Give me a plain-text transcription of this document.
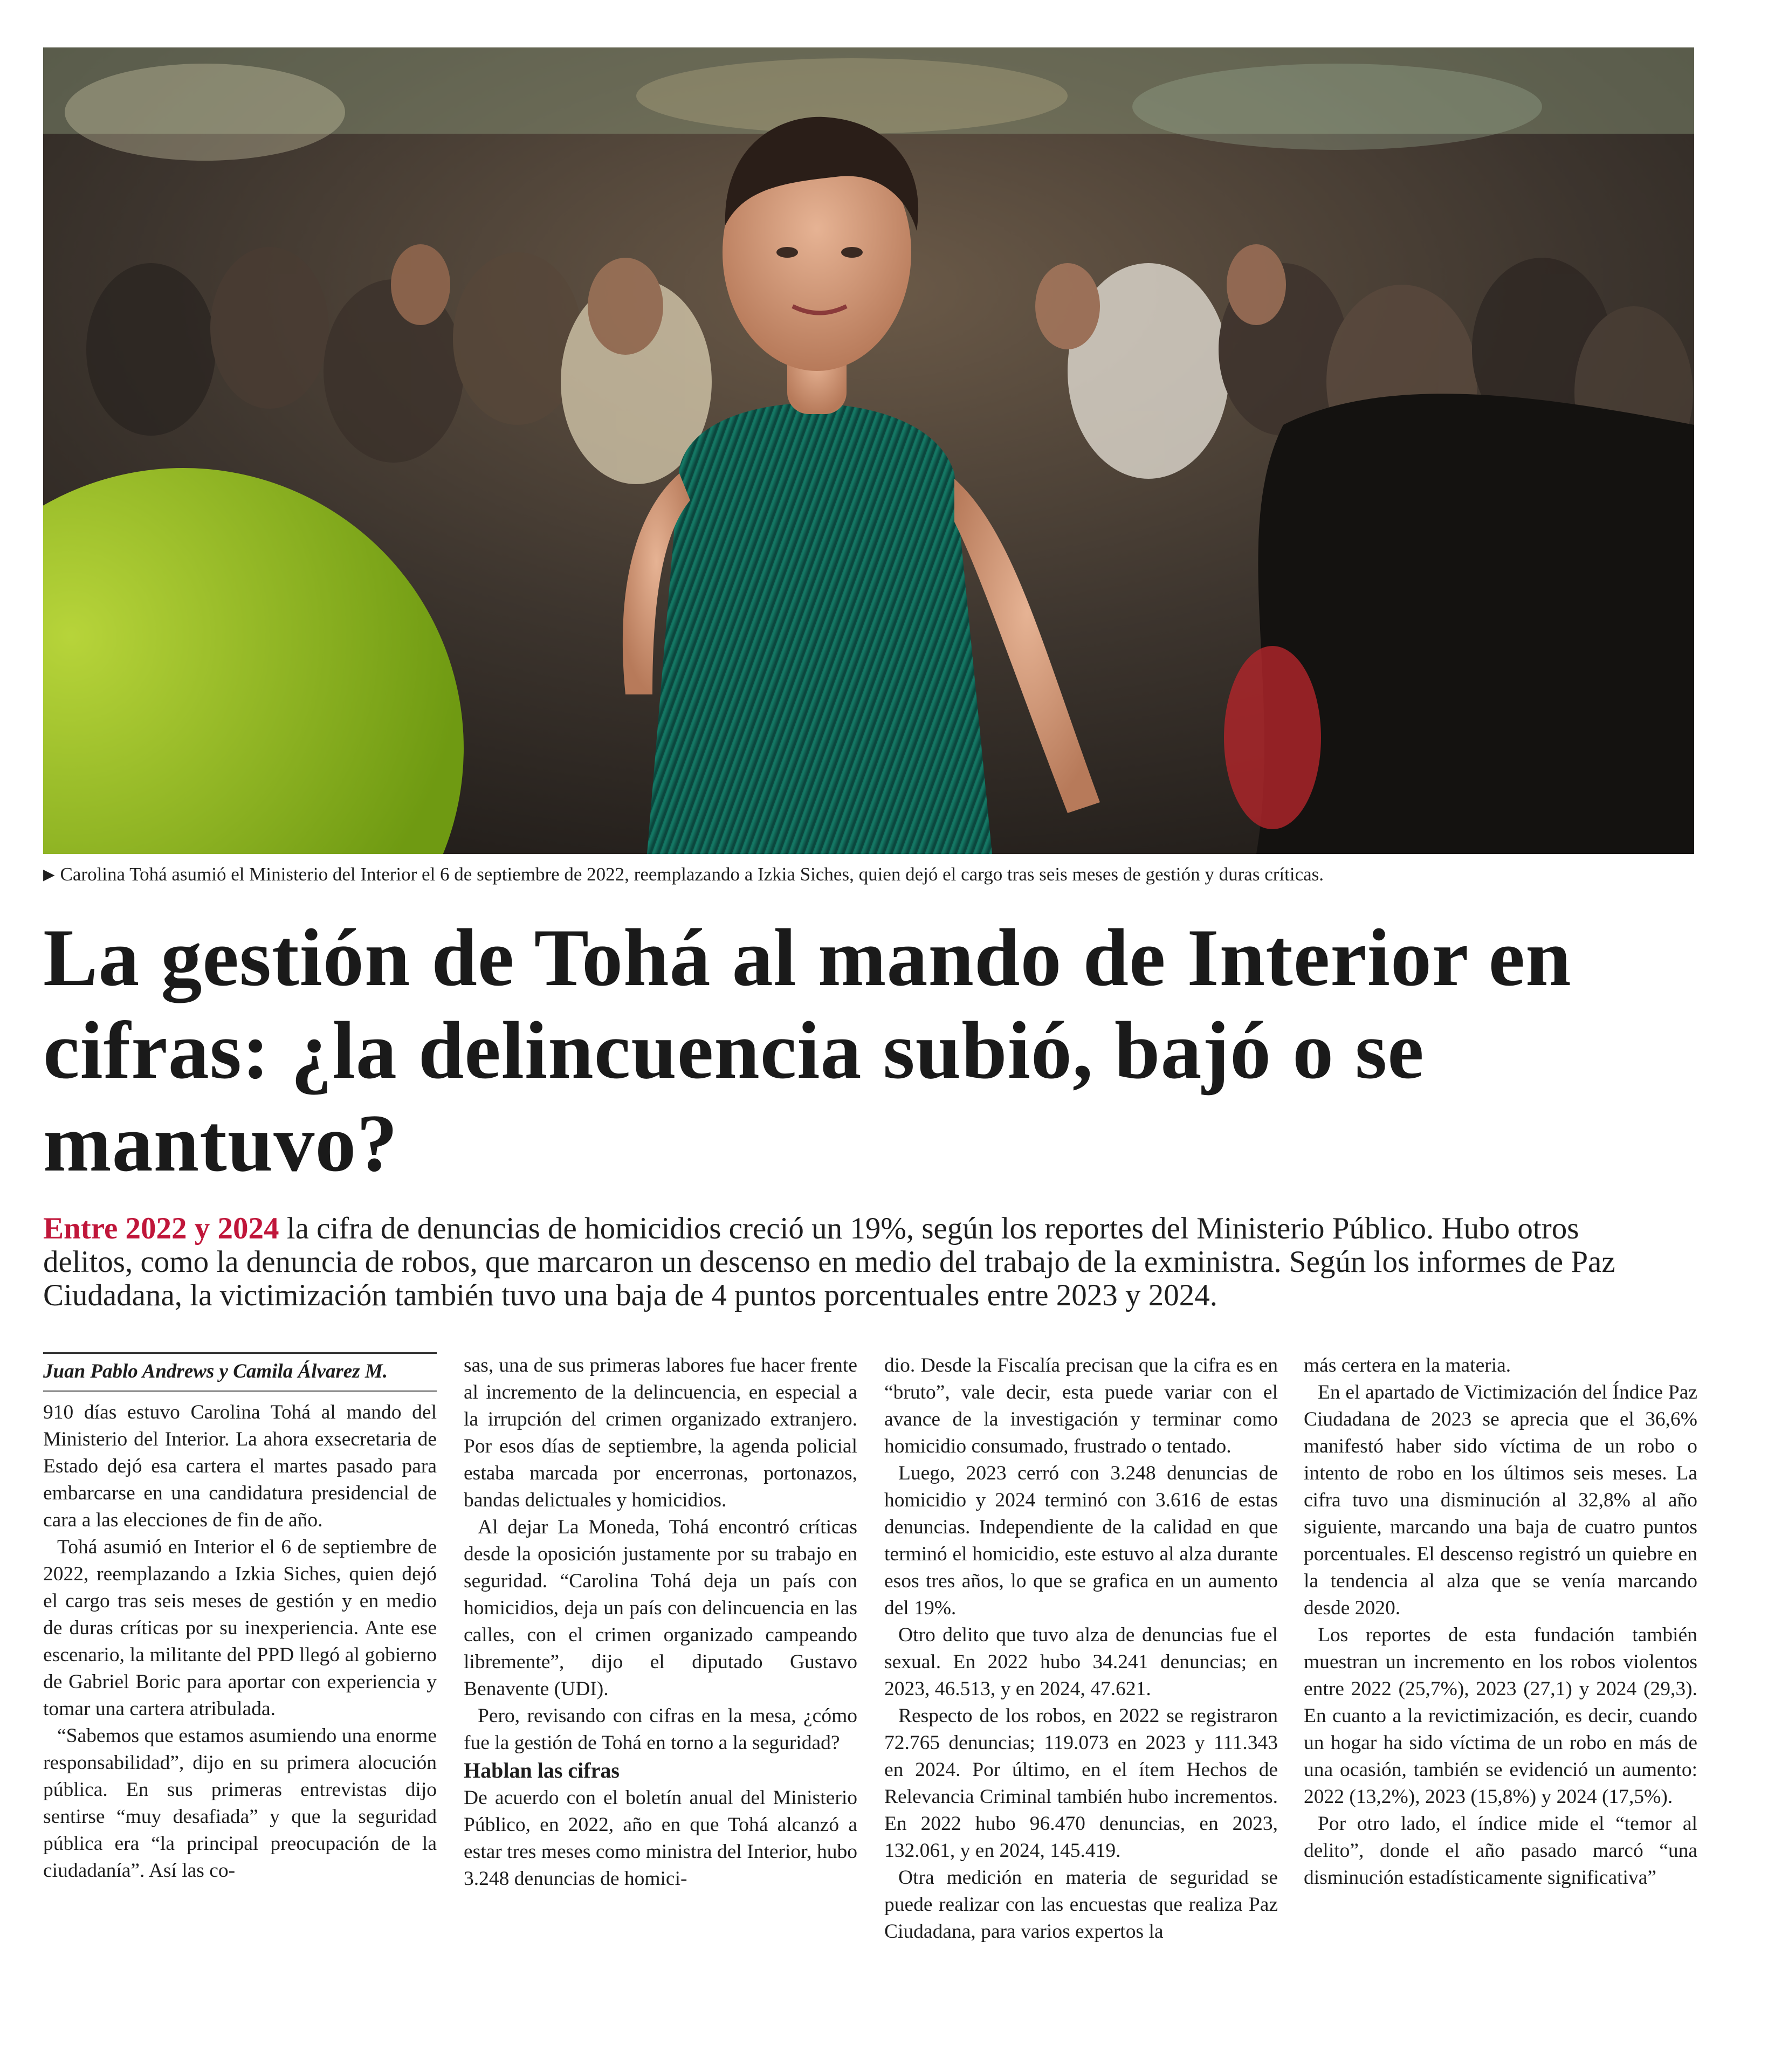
▶ Carolina Tohá asumió el Ministerio del Interior el 6 de septiembre de 2022, reemplazando a Izkia Siches, quien dejó el cargo tras seis meses de gestión y duras críticas.
La gestión de Tohá al mando de Interior en cifras: ¿la delincuencia subió, bajó o se mantuvo?
Entre 2022 y 2024 la cifra de denuncias de homicidios creció un 19%, según los reportes del Ministerio Público. Hubo otros delitos, como la denuncia de robos, que marcaron un descenso en medio del trabajo de la exministra. Según los informes de Paz Ciudadana, la victimización también tuvo una baja de 4 puntos porcentuales entre 2023 y 2024.

Juan Pablo Andrews y Camila Álvarez M.

910 días estuvo Carolina Tohá al mando del Ministerio del Interior. La ahora exsecretaria de Estado dejó esa cartera el martes pasado para embarcarse en una candidatura presidencial de cara a las elecciones de fin de año.

Tohá asumió en Interior el 6 de septiembre de 2022, reemplazando a Izkia Siches, quien dejó el cargo tras seis meses de gestión y en medio de duras críticas por su inexperiencia. Ante ese escenario, la militante del PPD llegó al gobierno de Gabriel Boric para aportar con experiencia y tomar una cartera atribulada.

“Sabemos que estamos asumiendo una enorme responsabilidad”, dijo en su primera alocución pública. En sus primeras entrevistas dijo sentirse “muy desafiada” y que la seguridad pública era “la principal preocupación de la ciudadanía”. Así las co-

sas, una de sus primeras labores fue hacer frente al incremento de la delincuencia, en especial a la irrupción del crimen organizado extranjero. Por esos días de septiembre, la agenda policial estaba marcada por encerronas, portonazos, bandas delictuales y homicidios.

Al dejar La Moneda, Tohá encontró críticas desde la oposición justamente por su trabajo en seguridad. “Carolina Tohá deja un país con homicidios, deja un país con delincuencia en las calles, con el crimen organizado campeando libremente”, dijo el diputado Gustavo Benavente (UDI).

Pero, revisando con cifras en la mesa, ¿cómo fue la gestión de Tohá en torno a la seguridad?

Hablan las cifras

De acuerdo con el boletín anual del Ministerio Público, en 2022, año en que Tohá alcanzó a estar tres meses como ministra del Interior, hubo 3.248 denuncias de homici-

dio. Desde la Fiscalía precisan que la cifra es en “bruto”, vale decir, esta puede variar con el avance de la investigación y terminar como homicidio consumado, frustrado o tentado.

Luego, 2023 cerró con 3.248 denuncias de homicidio y 2024 terminó con 3.616 de estas denuncias. Independiente de la calidad en que terminó el homicidio, este estuvo al alza durante esos tres años, lo que se grafica en un aumento del 19%.

Otro delito que tuvo alza de denuncias fue el sexual. En 2022 hubo 34.241 denuncias; en 2023, 46.513, y en 2024, 47.621.

Respecto de los robos, en 2022 se registraron 72.765 denuncias; 119.073 en 2023 y 111.343 en 2024. Por último, en el ítem Hechos de Relevancia Criminal también hubo incrementos. En 2022 hubo 96.470 denuncias, en 2023, 132.061, y en 2024, 145.419.

Otra medición en materia de seguridad se puede realizar con las encuestas que realiza Paz Ciudadana, para varios expertos la

más certera en la materia.

En el apartado de Victimización del Índice Paz Ciudadana de 2023 se aprecia que el 36,6% manifestó haber sido víctima de un robo o intento de robo en los últimos seis meses. La cifra tuvo una disminución al 32,8% al año siguiente, marcando una baja de cuatro puntos porcentuales. El descenso registró un quiebre en la tendencia al alza que se venía marcando desde 2020.

Los reportes de esta fundación también muestran un incremento en los robos violentos entre 2022 (25,7%), 2023 (27,1) y 2024 (29,3). En cuanto a la revictimización, es decir, cuando un hogar ha sido víctima de un robo en más de una ocasión, también se evidenció un aumento: 2022 (13,2%), 2023 (15,8%) y 2024 (17,5%).

Por otro lado, el índice mide el “temor al delito”, donde el año pasado marcó “una disminución estadísticamente significativa”
